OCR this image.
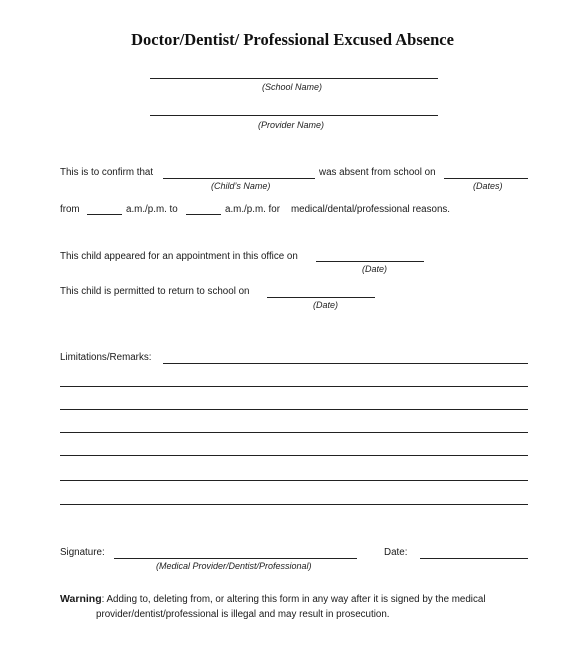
Doctor/Dentist/ Professional Excused Absence
(School Name)
(Provider Name)
This is to confirm that	was absent from school on
(Child’s Name)	(Dates)
from	a.m./p.m. to	a.m./p.m. for medical/dental/professional reasons.
This child appeared for an appointment in this office on
(Date)
This child is permitted to return to school on
(Date)
Limitations/Remarks:
Signature:
(Medical Provider/Dentist/Professional)
Date:
Warning: Adding to, deleting from, or altering this form in any way after it is signed by the medical
provider/dentist/professional is illegal and may result in prosecution.
